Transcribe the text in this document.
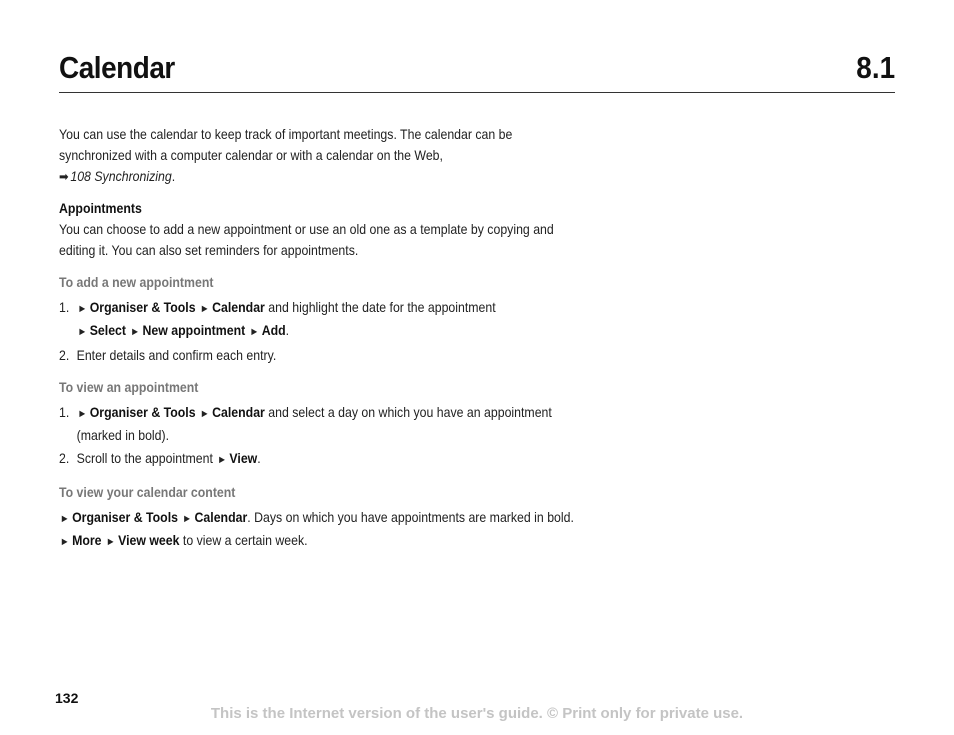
Calendar	8.1

You can use the calendar to keep track of important meetings. The calendar can be synchronized with a computer calendar or with a calendar on the Web,
➡ 108 Synchronizing.

Appointments

You can choose to add a new appointment or use an old one as a template by copying and editing it. You can also set reminders for appointments.

To add a new appointment
1. ► Organiser & Tools ► Calendar and highlight the date for the appointment
► Select ► New appointment ► Add.
2. Enter details and confirm each entry.
To view an appointment
1. ► Organiser & Tools ► Calendar and select a day on which you have an appointment (marked in bold).
2. Scroll to the appointment ► View.
To view your calendar content

► Organiser & Tools ► Calendar. Days on which you have appointments are marked in bold. ► More ► View week to view a certain week.

132
This is the Internet version of the user's guide. © Print only for private use.
